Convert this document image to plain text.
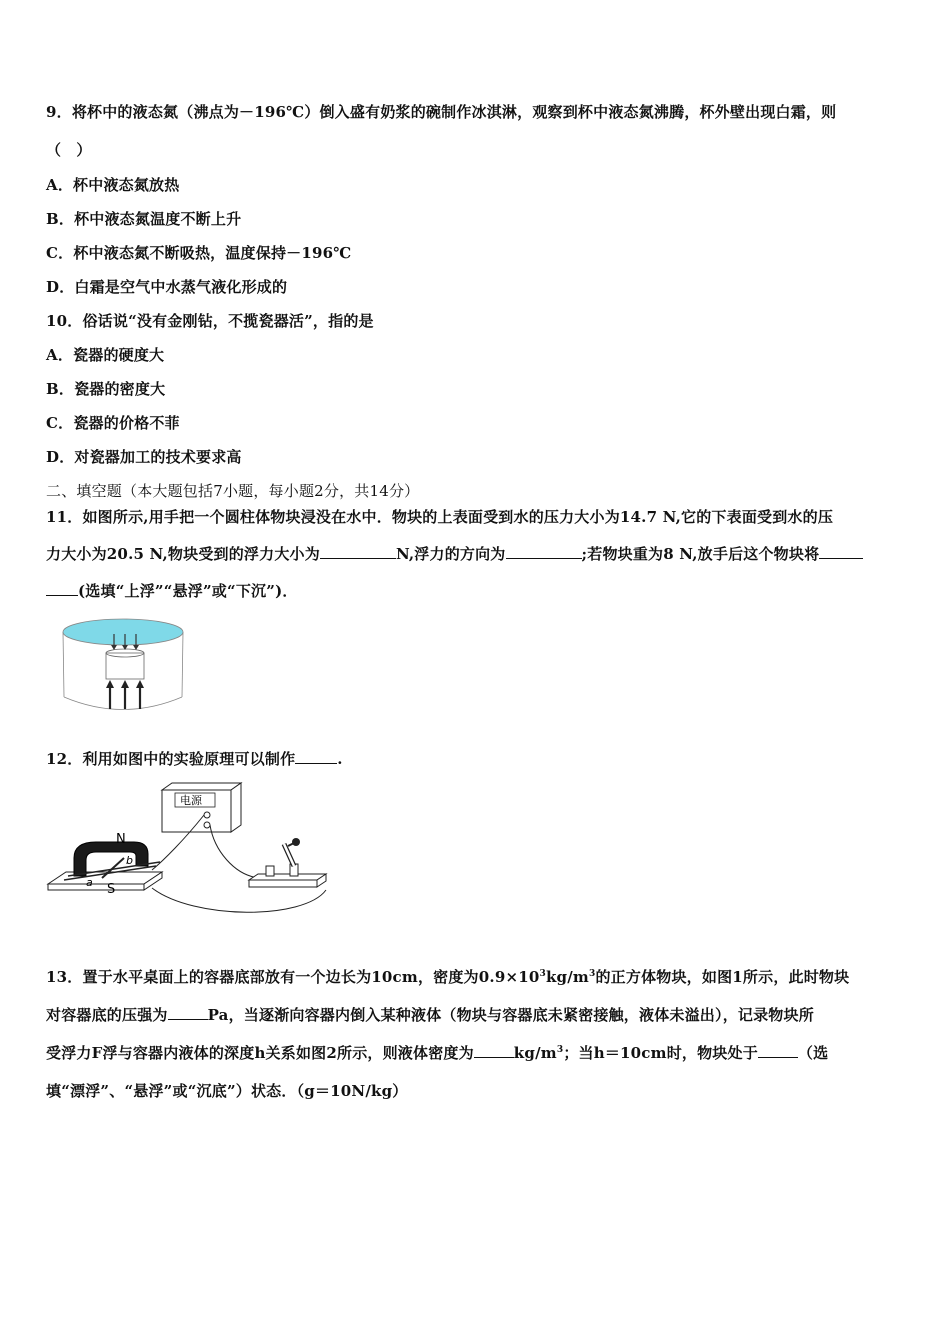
9．将杯中的液态氮（沸点为－196℃）倒入盛有奶浆的碗制作冰淇淋，观察到杯中液态氮沸腾，杯外壁出现白霜，则
（　）
A．杯中液态氮放热
B．杯中液态氮温度不断上升
C．杯中液态氮不断吸热，温度保持－196℃
D．白霜是空气中水蒸气液化形成的
10．俗话说“没有金刚钻，不揽瓷器活”，指的是
A．瓷器的硬度大
B．瓷器的密度大
C．瓷器的价格不菲
D．对瓷器加工的技术要求高
二、填空题（本大题包括7小题，每小题2分，共14分）
11．如图所示,用手把一个圆柱体物块浸没在水中．物块的上表面受到水的压力大小为14.7 N,它的下表面受到水的压
力大小为20.5 N,物块受到的浮力大小为	N,浮力的方向为	;若物块重为8 N,放手后这个物块将
(选填“上浮”“悬浮”或“下沉”)．
12．利用如图中的实验原理可以制作	.
电源
N
S
a
b
13．置于水平桌面上的容器底部放有一个边长为10cm，密度为$0.9\times 10^3kg/m^3$的正方体物块，如图1所示，此时物块
对容器底的压强为	Pa，当逐渐向容器内倒入某种液体（物块与容器底未紧密接触，液体未溢出），记录物块所
受浮力F浮与容器内液体的深度h关系如图2所示，则液体密度为	$kg/m^3$；当h＝10cm时，物块处于	（选
填“漂浮”、“悬浮”或“沉底”）状态．（g＝10N/kg）
